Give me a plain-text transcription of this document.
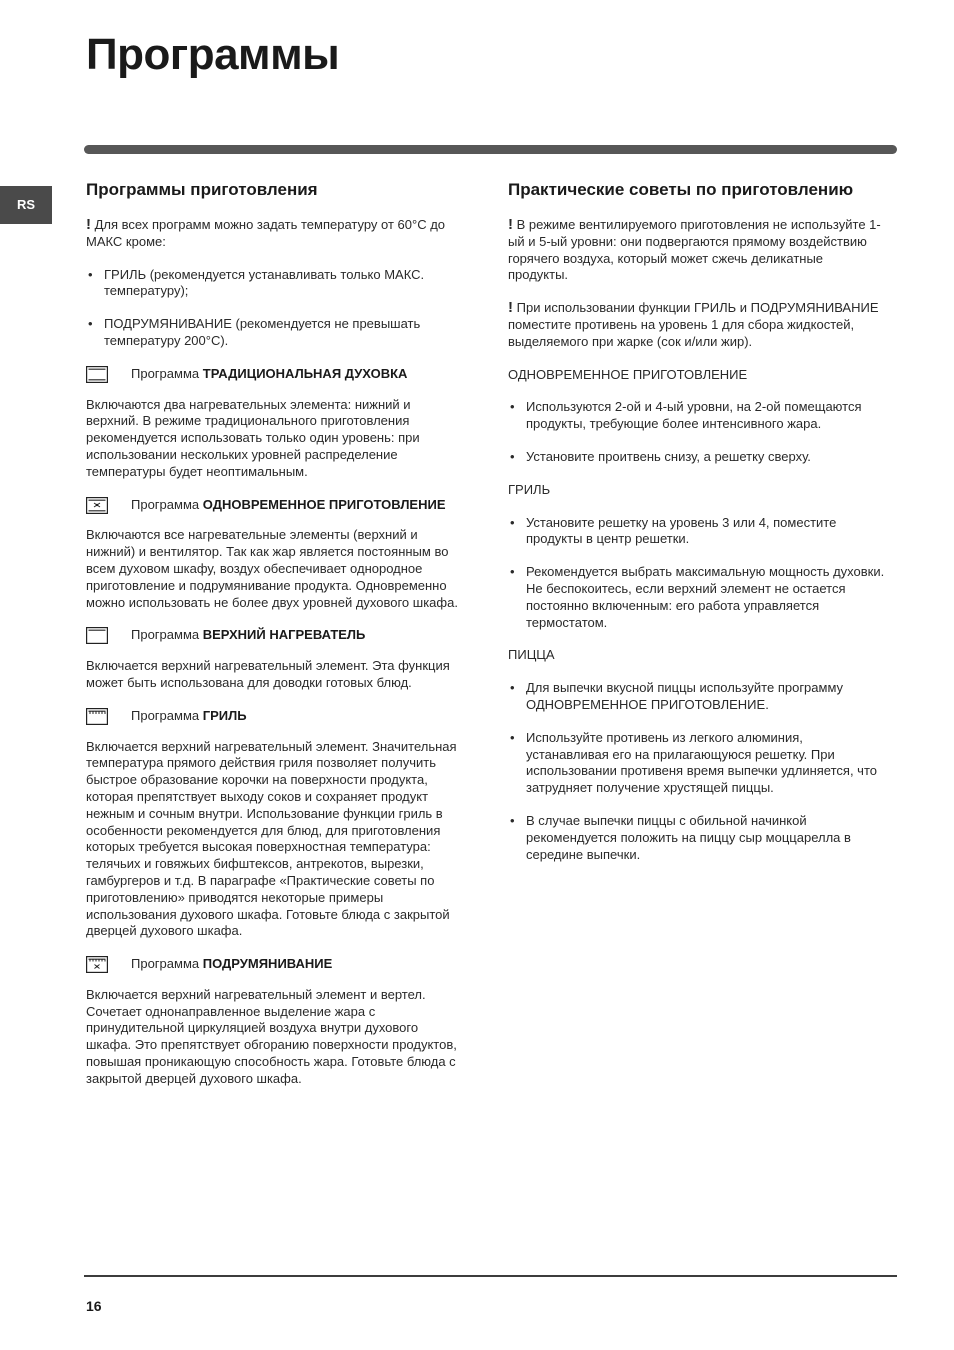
Программы
RS
Программы приготовления

! Для всех программ можно задать температуру от 60°C до МАКС кроме:

• ГРИЛЬ (рекомендуется устанавливать только МАКС. температуру);
• ПОДРУМЯНИВАНИЕ (рекомендуется не превышать температуру 200°C).
Программа ТРАДИЦИОНАЛЬНАЯ ДУХОВКА

Включаются два нагревательных элемента: нижний и верхний. В режиме традиционального приготовления рекомендуется использовать только один уровень: при использовании нескольких уровней распределение температуры будет неоптимальным.

Программа ОДНОВРЕМЕННОЕ ПРИГОТОВЛЕНИЕ

Включаются все нагревательные элементы (верхний и нижний) и вентилятор. Так как жар является постоянным во всем духовом шкафу, воздух обеспечивает однородное приготовление и подрумянивание продукта. Одновременно можно использовать не более двух уровней духового шкафа.

Программа ВЕРХНИЙ НАГРЕВАТЕЛЬ

Включается верхний нагревательный элемент. Эта функция может быть использована для доводки готовых блюд.

Программа ГРИЛЬ

Включается верхний нагревательный элемент. Значительная температура прямого действия гриля позволяет получить быстрое образование корочки на поверхности продукта, которая препятствует выходу соков и сохраняет продукт нежным и сочным внутри. Использование функции гриль в особенности рекомендуется для блюд, для приготовления которых требуется высокая поверхностная температура: телячьих и говяжьих бифштексов, антрекотов, вырезки, гамбургеров и т.д. В параграфе «Практические советы по приготовлению» приводятся некоторые примеры использования духового шкафа. Готовьте блюда с закрытой дверцей духового шкафа.

Программа ПОДРУМЯНИВАНИЕ

Включается верхний нагревательный элемент и вертел. Сочетает однонаправленное выделение жара с принудительной циркуляцией воздуха внутри духового шкафа. Это препятствует обгоранию поверхности продуктов, повышая проникающую способность жара. Готовьте блюда с закрытой дверцей духового шкафа.

Практические советы по приготовлению

! В режиме вентилируемого приготовления не используйте 1-ый и 5-ый уровни: они подвергаются прямому воздействию горячего воздуха, который может сжечь деликатные продукты.

! При использовании функции ГРИЛЬ и ПОДРУМЯНИВАНИЕ поместите противень на уровень 1 для сбора жидкостей, выделяемого при жарке (сок и/или жир).

ОДНОВРЕМЕННОЕ ПРИГОТОВЛЕНИЕ

• Используются 2-ой и 4-ый уровни, на 2-ой помещаются продукты, требующие более интенсивного жара.
• Установите проитвень снизу, а решетку сверху.

ГРИЛЬ

• Установите решетку на уровень 3 или 4, поместите продукты в центр решетки.
• Рекомендуется выбрать максимальную мощность духовки. Не беспокоитесь, если верхний элемент не остается постоянно включенным: его работа управляется термостатом.

ПИЦЦА

• Для выпечки вкусной пиццы используйте программу ОДНОВРЕМЕННОЕ ПРИГОТОВЛЕНИЕ.
• Используйте противень из легкого алюминия, устанавливая его на прилагающуюся решетку. При использовании противеня время выпечки удлиняется, что затрудняет получение хрустящей пиццы.
• В случае выпечки пиццы с обильной начинкой рекомендуется положить на пиццу сыр моццарелла в середине выпечки.
16
